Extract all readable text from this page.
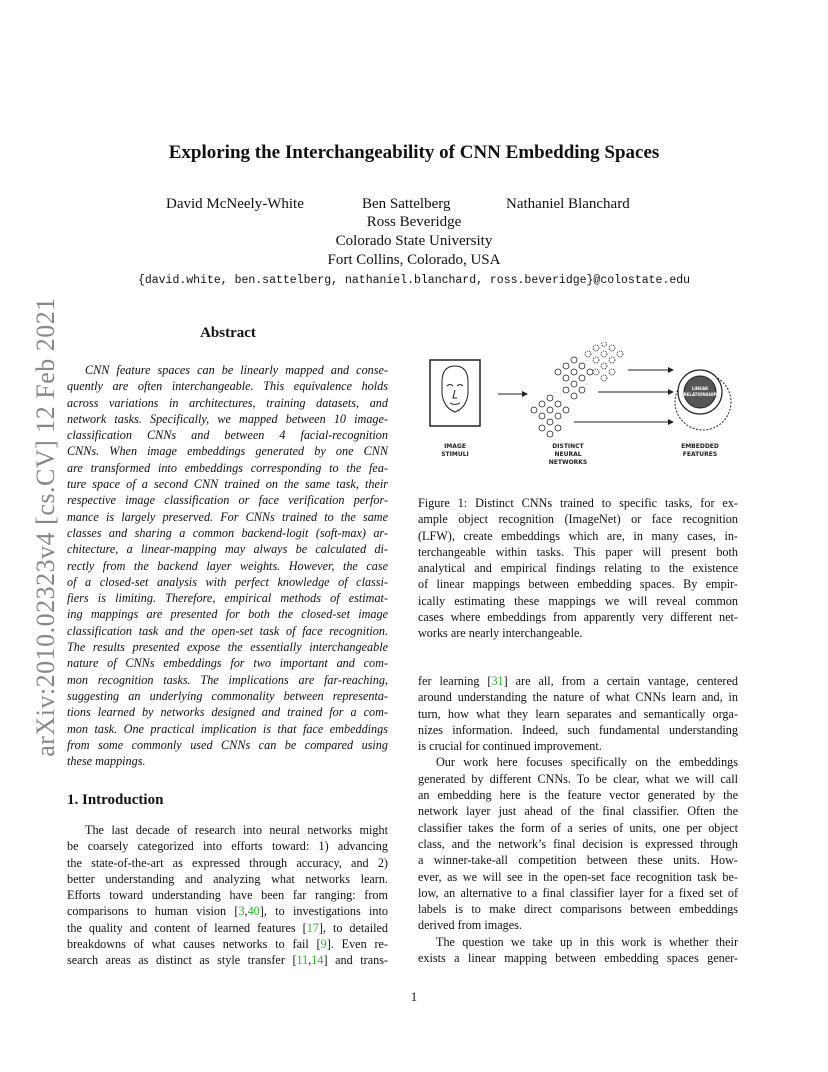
arXiv:2010.02323v4 [cs.CV] 12 Feb 2021
Exploring the Interchangeability of CNN Embedding Spaces
David McNeely-White	Ben Sattelberg	Nathaniel Blanchard
Ross Beveridge
Colorado State University
Fort Collins, Colorado, USA
{david.white, ben.sattelberg, nathaniel.blanchard, ross.beveridge}@colostate.edu
Abstract
CNN feature spaces can be linearly mapped and conse-
quently are often interchangeable. This equivalence holds
across variations in architectures, training datasets, and
network tasks. Specifically, we mapped between 10 image-
classification CNNs and between 4 facial-recognition
CNNs. When image embeddings generated by one CNN
are transformed into embeddings corresponding to the fea-
ture space of a second CNN trained on the same task, their
respective image classification or face verification perfor-
mance is largely preserved. For CNNs trained to the same
classes and sharing a common backend-logit (soft-max) ar-
chitecture, a linear-mapping may always be calculated di-
rectly from the backend layer weights. However, the case
of a closed-set analysis with perfect knowledge of classi-
fiers is limiting. Therefore, empirical methods of estimat-
ing mappings are presented for both the closed-set image
classification task and the open-set task of face recognition.
The results presented expose the essentially interchangeable
nature of CNNs embeddings for two important and com-
mon recognition tasks. The implications are far-reaching,
suggesting an underlying commonality between representa-
tions learned by networks designed and trained for a com-
mon task. One practical implication is that face embeddings
from some commonly used CNNs can be compared using
these mappings.
1. Introduction
The last decade of research into neural networks might
be coarsely categorized into efforts toward: 1) advancing
the state-of-the-art as expressed through accuracy, and 2)
better understanding and analyzing what networks learn.
Efforts toward understanding have been far ranging: from
comparisons to human vision [3,40], to investigations into
the quality and content of learned features [17], to detailed
breakdowns of what causes networks to fail [9]. Even re-
search areas as distinct as style transfer [11,14] and trans-
IMAGE
STIMULI
DISTINCT
NEURAL
NETWORKS
LINEAR
RELATIONSHIP
EMBEDDED
FEATURES
Figure 1: Distinct CNNs trained to specific tasks, for ex-
ample object recognition (ImageNet) or face recognition
(LFW), create embeddings which are, in many cases, in-
terchangeable within tasks. This paper will present both
analytical and empirical findings relating to the existence
of linear mappings between embedding spaces. By empir-
ically estimating these mappings we will reveal common
cases where embeddings from apparently very different net-
works are nearly interchangeable.
fer learning [31] are all, from a certain vantage, centered
around understanding the nature of what CNNs learn and, in
turn, how what they learn separates and semantically orga-
nizes information. Indeed, such fundamental understanding
is crucial for continued improvement.
Our work here focuses specifically on the embeddings
generated by different CNNs. To be clear, what we will call
an embedding here is the feature vector generated by the
network layer just ahead of the final classifier. Often the
classifier takes the form of a series of units, one per object
class, and the network’s final decision is expressed through
a winner-take-all competition between these units. How-
ever, as we will see in the open-set face recognition task be-
low, an alternative to a final classifier layer for a fixed set of
labels is to make direct comparisons between embeddings
derived from images.
The question we take up in this work is whether their
exists a linear mapping between embedding spaces gener-
1
